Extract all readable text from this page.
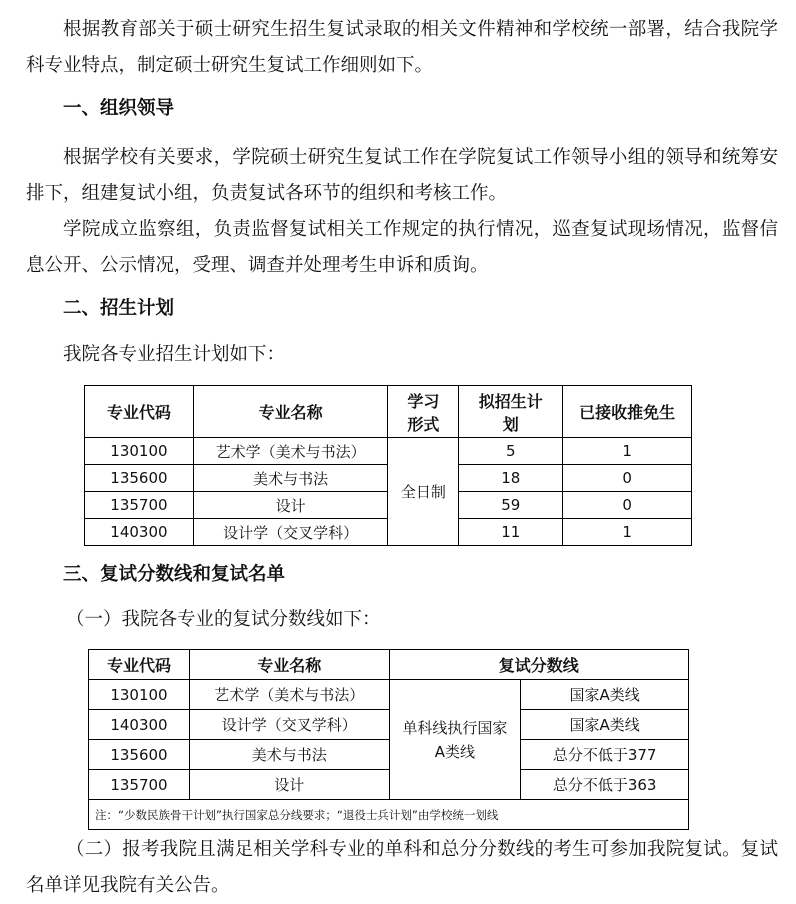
根据教育部关于硕士研究生招生复试录取的相关文件精神和学校统一部署，结合我院学科专业特点，制定硕士研究生复试工作细则如下。

一、组织领导

根据学校有关要求，学院硕士研究生复试工作在学院复试工作领导小组的领导和统筹安排下，组建复试小组，负责复试各环节的组织和考核工作。

学院成立监察组，负责监督复试相关工作规定的执行情况，巡查复试现场情况，监督信息公开、公示情况，受理、调查并处理考生申诉和质询。

二、招生计划

我院各专业招生计划如下：

专业代码	专业名称	学习形式	拟招生计划	已接收推免生
130100	艺术学（美术与书法）	全日制	5	1
135600	美术与书法		18	0
135700	设计		59	0
140300	设计学（交叉学科）		11	1

三、复试分数线和复试名单

（一）我院各专业的复试分数线如下：

专业代码	专业名称	复试分数线	
130100	艺术学（美术与书法）	单科线执行国家A类线	国家A类线
140300	设计学（交叉学科）		国家A类线
135600	美术与书法		总分不低于377
135700	设计		总分不低于363
注：“少数民族骨干计划”执行国家总分线要求；“退役士兵计划”由学校统一划线			

（二）报考我院且满足相关学科专业的单科和总分分数线的考生可参加我院复试。复试名单详见我院有关公告。
